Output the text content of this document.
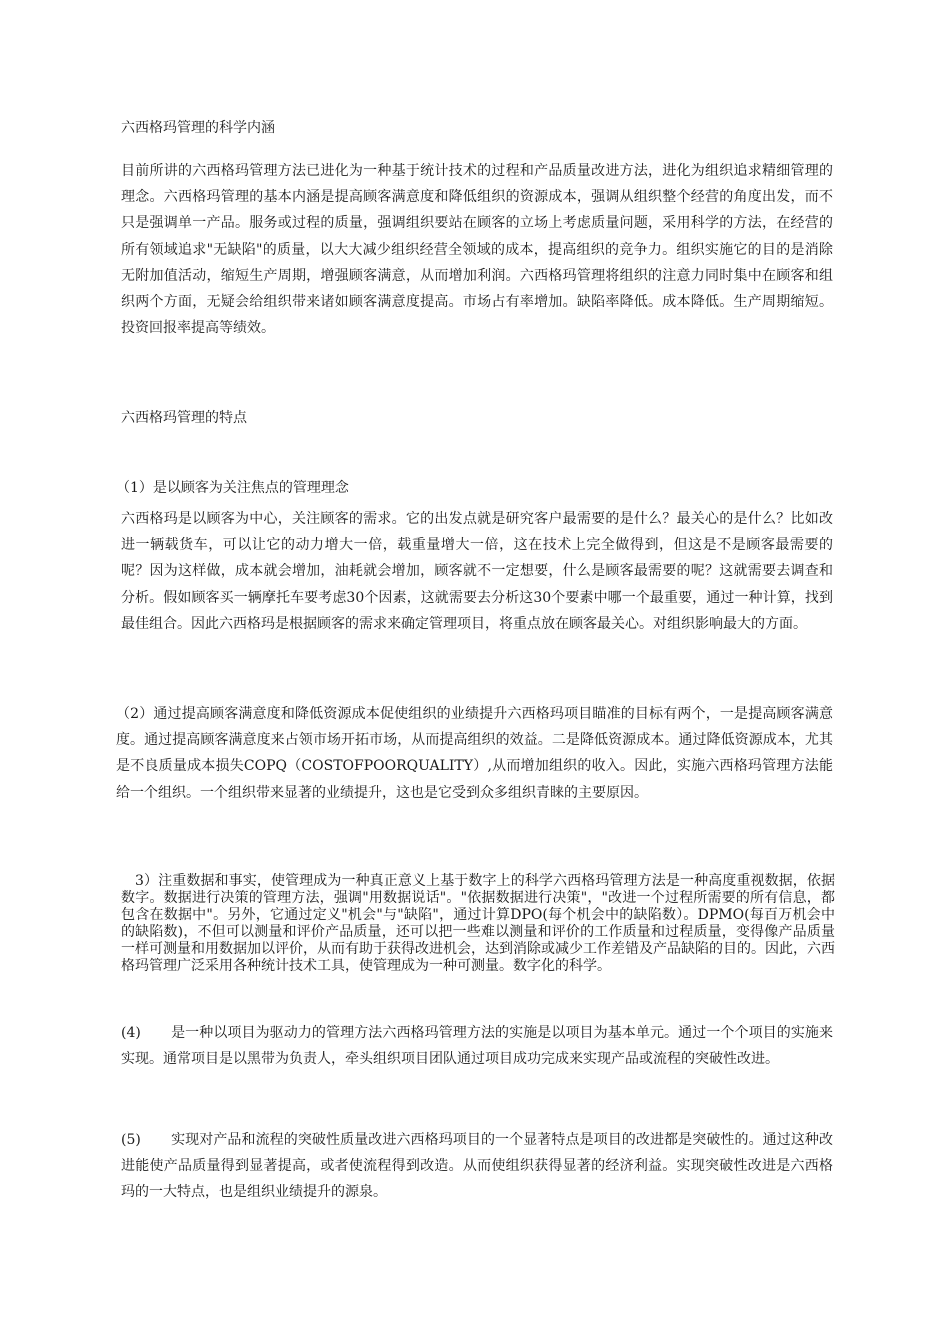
六西格玛管理的科学内涵

目前所讲的六西格玛管理方法已进化为一种基于统计技术的过程和产品质量改进方法，进化为组织追求精细管理的理念。六西格玛管理的基本内涵是提高顾客满意度和降低组织的资源成本，强调从组织整个经营的角度出发，而不只是强调单一产品。服务或过程的质量，强调组织要站在顾客的立场上考虑质量问题，采用科学的方法，在经营的所有领域追求"无缺陷"的质量，以大大减少组织经营全领域的成本，提高组织的竞争力。组织实施它的目的是消除无附加值活动，缩短生产周期，增强顾客满意，从而增加利润。六西格玛管理将组织的注意力同时集中在顾客和组织两个方面，无疑会给组织带来诸如顾客满意度提高。市场占有率增加。缺陷率降低。成本降低。生产周期缩短。投资回报率提高等绩效。

六西格玛管理的特点

（1）是以顾客为关注焦点的管理理念

六西格玛是以顾客为中心，关注顾客的需求。它的出发点就是研究客户最需要的是什么？最关心的是什么？比如改进一辆载货车，可以让它的动力增大一倍，载重量增大一倍，这在技术上完全做得到，但这是不是顾客最需要的呢？因为这样做，成本就会增加，油耗就会增加，顾客就不一定想要，什么是顾客最需要的呢？这就需要去调查和分析。假如顾客买一辆摩托车要考虑30个因素，这就需要去分析这30个要素中哪一个最重要，通过一种计算，找到最佳组合。因此六西格玛是根据顾客的需求来确定管理项目，将重点放在顾客最关心。对组织影响最大的方面。

（2）通过提高顾客满意度和降低资源成本促使组织的业绩提升六西格玛项目瞄准的目标有两个，一是提高顾客满意度。通过提高顾客满意度来占领市场开拓市场，从而提高组织的效益。二是降低资源成本。通过降低资源成本，尤其是不良质量成本损失COPQ（COSTOFPOORQUALITY）,从而增加组织的收入。因此，实施六西格玛管理方法能给一个组织。一个组织带来显著的业绩提升，这也是它受到众多组织青睐的主要原因。

3）注重数据和事实，使管理成为一种真正意义上基于数字上的科学六西格玛管理方法是一种高度重视数据，依据数字。数据进行决策的管理方法，强调"用数据说话"。"依据数据进行决策"，"改进一个过程所需要的所有信息，都包含在数据中"。另外，它通过定义"机会"与"缺陷"，通过计算DPO(每个机会中的缺陷数）。DPMO(每百万机会中的缺陷数)，不但可以测量和评价产品质量，还可以把一些难以测量和评价的工作质量和过程质量，变得像产品质量一样可测量和用数据加以评价，从而有助于获得改进机会，达到消除或减少工作差错及产品缺陷的目的。因此，六西格玛管理广泛采用各种统计技术工具，使管理成为一种可测量。数字化的科学。

(4) 是一种以项目为驱动力的管理方法六西格玛管理方法的实施是以项目为基本单元。通过一个个项目的实施来实现。通常项目是以黑带为负责人，牵头组织项目团队通过项目成功完成来实现产品或流程的突破性改进。
(5) 实现对产品和流程的突破性质量改进六西格玛项目的一个显著特点是项目的改进都是突破性的。通过这种改进能使产品质量得到显著提高，或者使流程得到改造。从而使组织获得显著的经济利益。实现突破性改进是六西格玛的一大特点，也是组织业绩提升的源泉。
